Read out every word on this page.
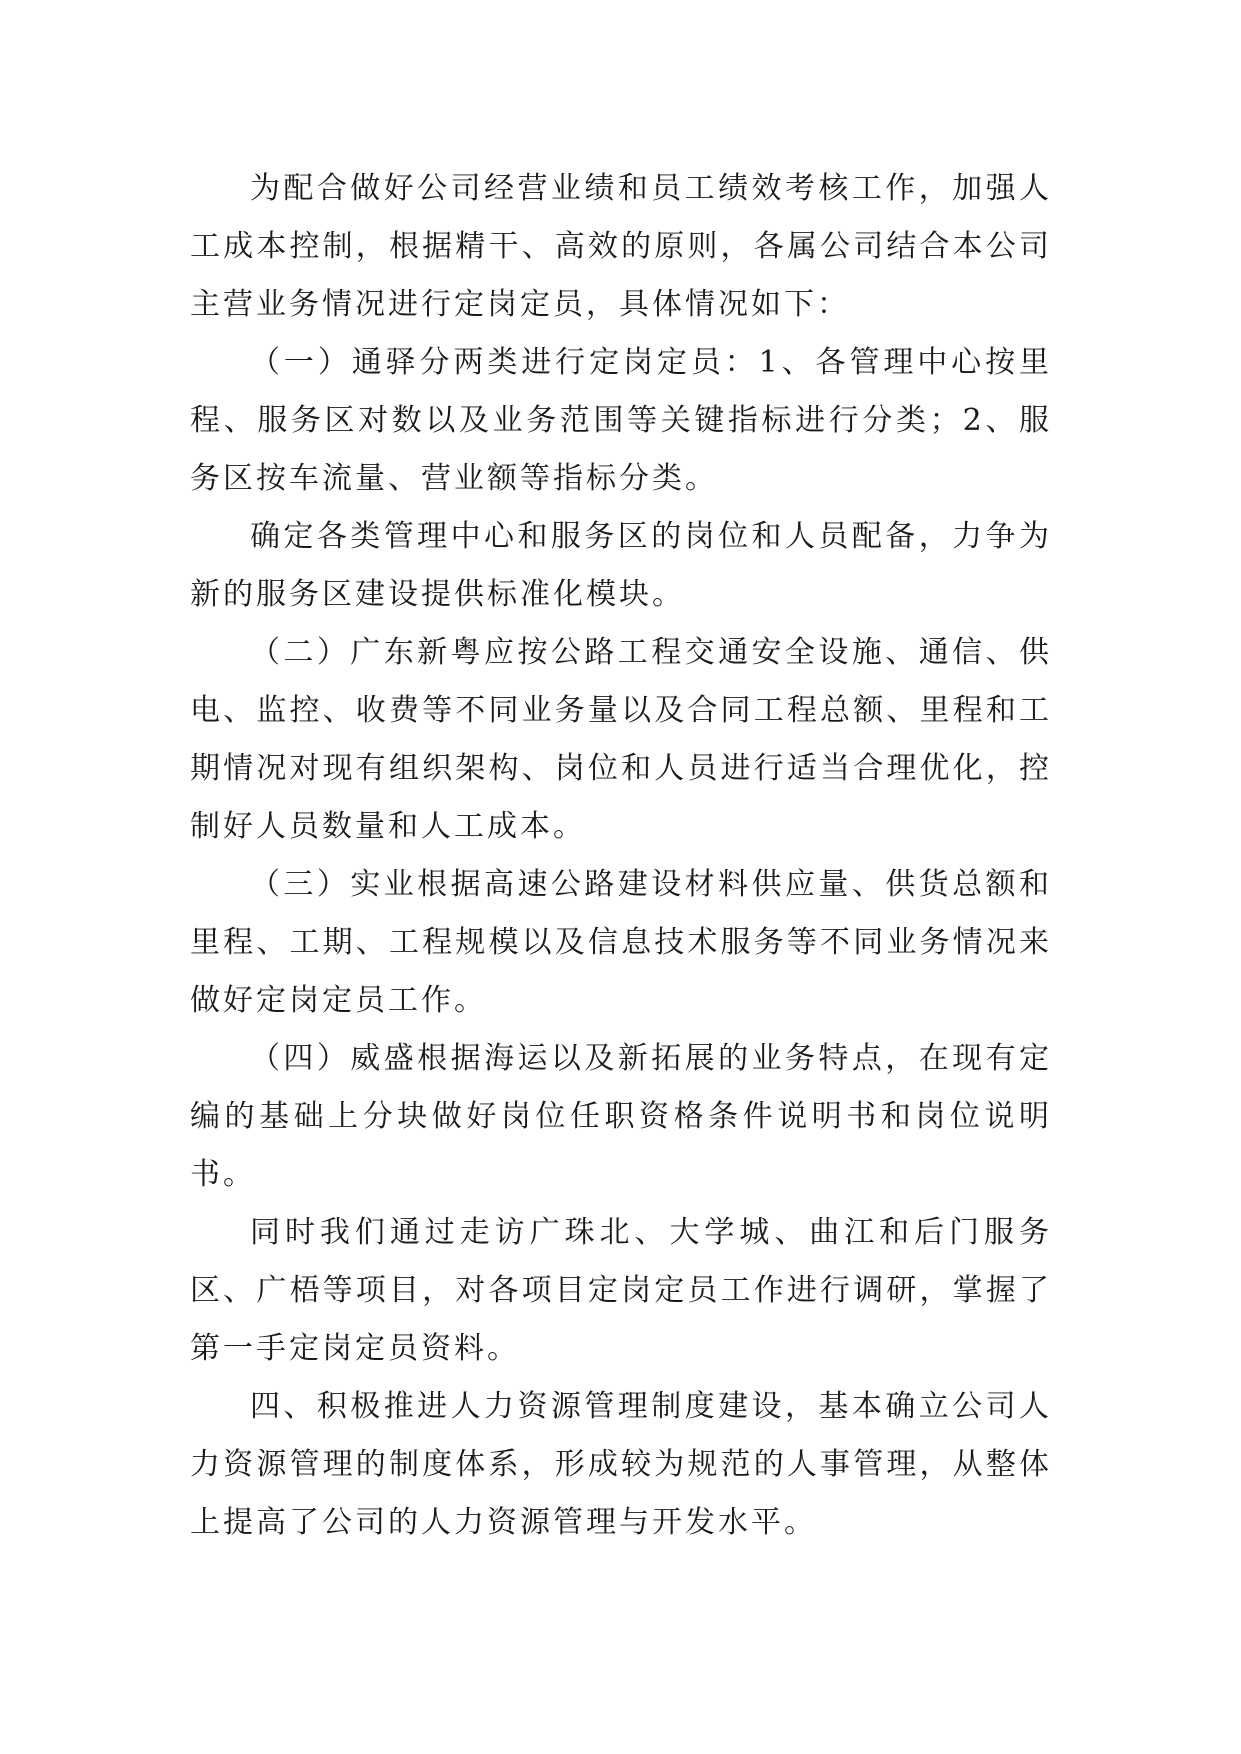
为配合做好公司经营业绩和员工绩效考核工作，加强人工成本控制，根据精干、高效的原则，各属公司结合本公司主营业务情况进行定岗定员，具体情况如下：

（一）通驿分两类进行定岗定员：1、各管理中心按里程、服务区对数以及业务范围等关键指标进行分类；2、服务区按车流量、营业额等指标分类。

确定各类管理中心和服务区的岗位和人员配备，力争为新的服务区建设提供标准化模块。

（二）广东新粤应按公路工程交通安全设施、通信、供电、监控、收费等不同业务量以及合同工程总额、里程和工期情况对现有组织架构、岗位和人员进行适当合理优化，控制好人员数量和人工成本。

（三）实业根据高速公路建设材料供应量、供货总额和里程、工期、工程规模以及信息技术服务等不同业务情况来做好定岗定员工作。

（四）威盛根据海运以及新拓展的业务特点，在现有定编的基础上分块做好岗位任职资格条件说明书和岗位说明书。

同时我们通过走访广珠北、大学城、曲江和后门服务区、广梧等项目，对各项目定岗定员工作进行调研，掌握了第一手定岗定员资料。

四、积极推进人力资源管理制度建设，基本确立公司人力资源管理的制度体系，形成较为规范的人事管理，从整体上提高了公司的人力资源管理与开发水平。
